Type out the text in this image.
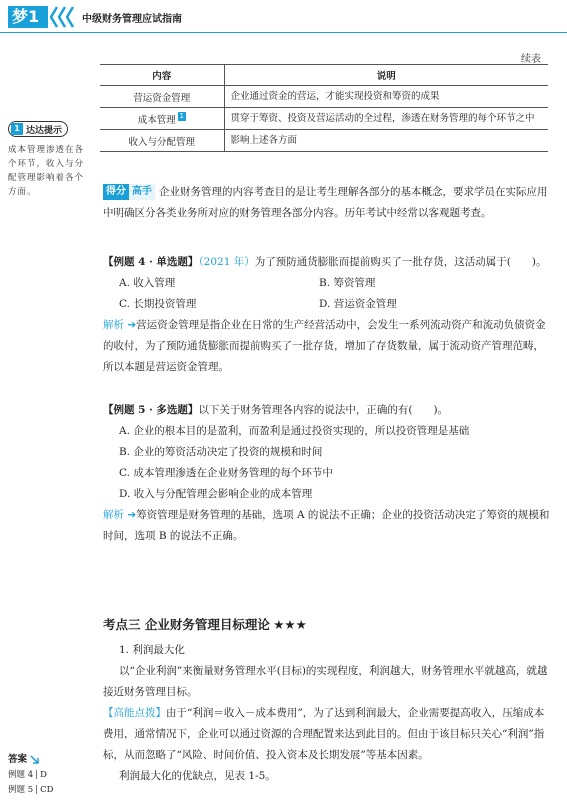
梦1	中级财务管理应试指南
续表
内容	说明
营运资金管理	企业通过资金的营运，才能实现投资和筹资的成果
成本管理 1	贯穿于筹资、投资及营运活动的全过程，渗透在财务管理的每个环节之中
收入与分配管理	影响上述各方面
1 达达提示
成本管理渗透在各个环节，收入与分配管理影响着各个方面。	得分 高手 企业财务管理的内容考查目的是让考生理解各部分的基本概念，要求学员在实际应用中明确区分各类业务所对应的财务管理各部分内容。历年考试中经常以客观题考查。
【例题 4 · 单选题】（2021 年）为了预防通货膨胀而提前购买了一批存货，这活动属于(　　)。
A. 收入管理	B. 筹资管理
C. 长期投资管理	D. 营运资金管理
解析 ➔营运资金管理是指企业在日常的生产经营活动中，会发生一系列流动资产和流动负债资金的收付，为了预防通货膨胀而提前购买了一批存货，增加了存货数量，属于流动资产管理范畴，所以本题是营运资金管理。
【例题 5 · 多选题】以下关于财务管理各内容的说法中，正确的有(　　)。
A. 企业的根本目的是盈利，而盈利是通过投资实现的，所以投资管理是基础
B. 企业的筹资活动决定了投资的规模和时间
C. 成本管理渗透在企业财务管理的每个环节中
D. 收入与分配管理会影响企业的成本管理
解析 ➔筹资管理是财务管理的基础，选项 A 的说法不正确；企业的投资活动决定了筹资的规模和时间，选项 B 的说法不正确。
考点三 企业财务管理目标理论 ★★★
1. 利润最大化
以“企业利润”来衡量财务管理水平(目标)的实现程度，利润越大，财务管理水平就越高，就越接近财务管理目标。
【高能点拨】由于“利润＝收入－成本费用”，为了达到利润最大，企业需要提高收入，压缩成本费用，通常情况下，企业可以通过资源的合理配置来达到此目的。但由于该目标只关心“利润”指标，从而忽略了“风险、时间价值、投入资本及长期发展”等基本因素。
利润最大化的优缺点，见表 1-5。
答案
例题 4 D
例题 5 CD
